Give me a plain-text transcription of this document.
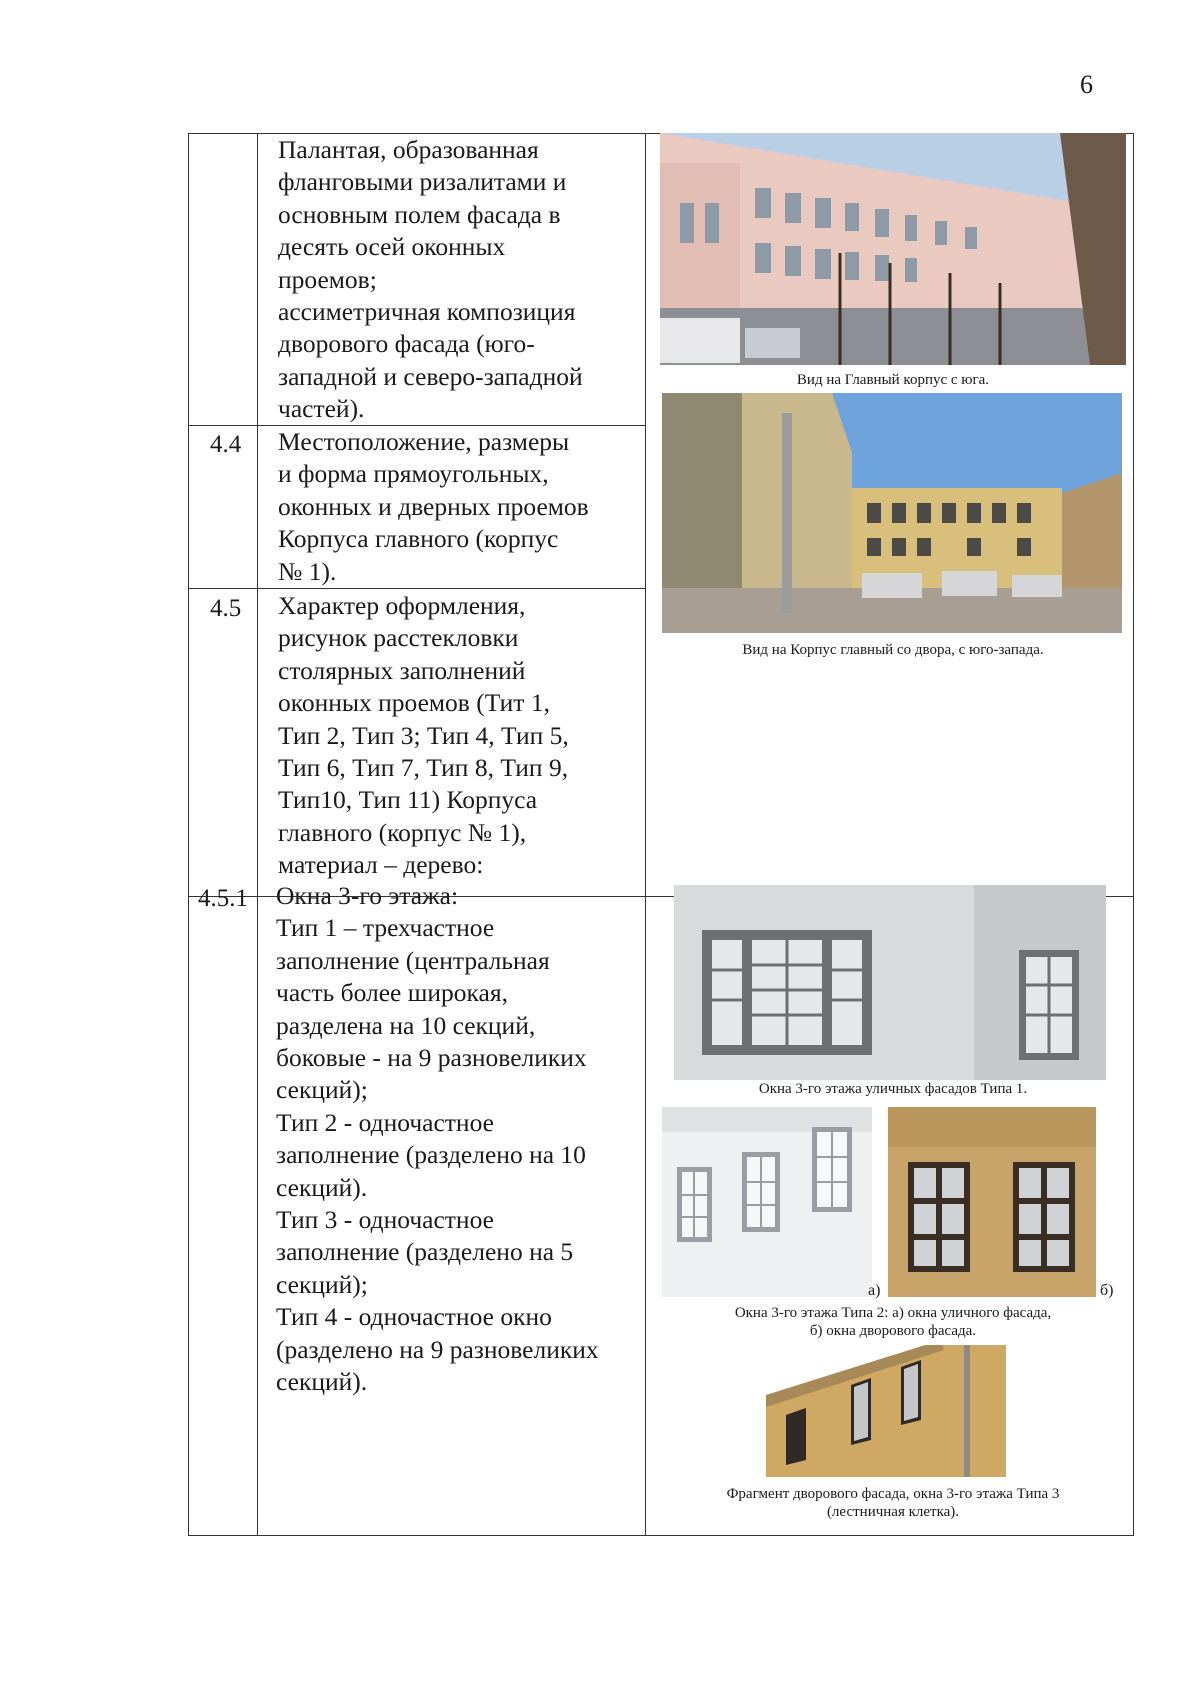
6
4.4
4.5
4.5.1
Палантая, образованная
фланговыми ризалитами и
основным полем фасада в
десять осей оконных
проемов;
ассиметричная композиция
дворового фасада (юго-
западной и северо-западной
частей).
Местоположение, размеры
и форма прямоугольных,
оконных и дверных проемов
Корпуса главного (корпус
№ 1).
Характер оформления,
рисунок расстекловки
столярных заполнений
оконных проемов (Тит 1,
Тип 2, Тип 3; Тип 4, Тип 5,
Тип 6, Тип 7, Тип 8, Тип 9,
Тип10, Тип 11) Корпуса
главного (корпус № 1),
материал – дерево:
Окна 3-го этажа:
Тип 1 – трехчастное
заполнение (центральная
часть более широкая,
разделена на 10 секций,
боковые - на 9 разновеликих
секций);
Тип 2 - одночастное
заполнение (разделено на 10
секций).
Тип 3 - одночастное
заполнение (разделено на 5
секций);
Тип 4 - одночастное окно
(разделено на 9 разновеликих
секций).
Вид на Главный корпус с юга.
Вид на Корпус главный со двора, с юго-запада.
Окна 3-го этажа уличных фасадов Типа 1.
а)	б)
Окна 3-го этажа Типа 2: а) окна уличного фасада,
б) окна дворового фасада.
Фрагмент дворового фасада, окна 3-го этажа Типа 3
(лестничная клетка).
